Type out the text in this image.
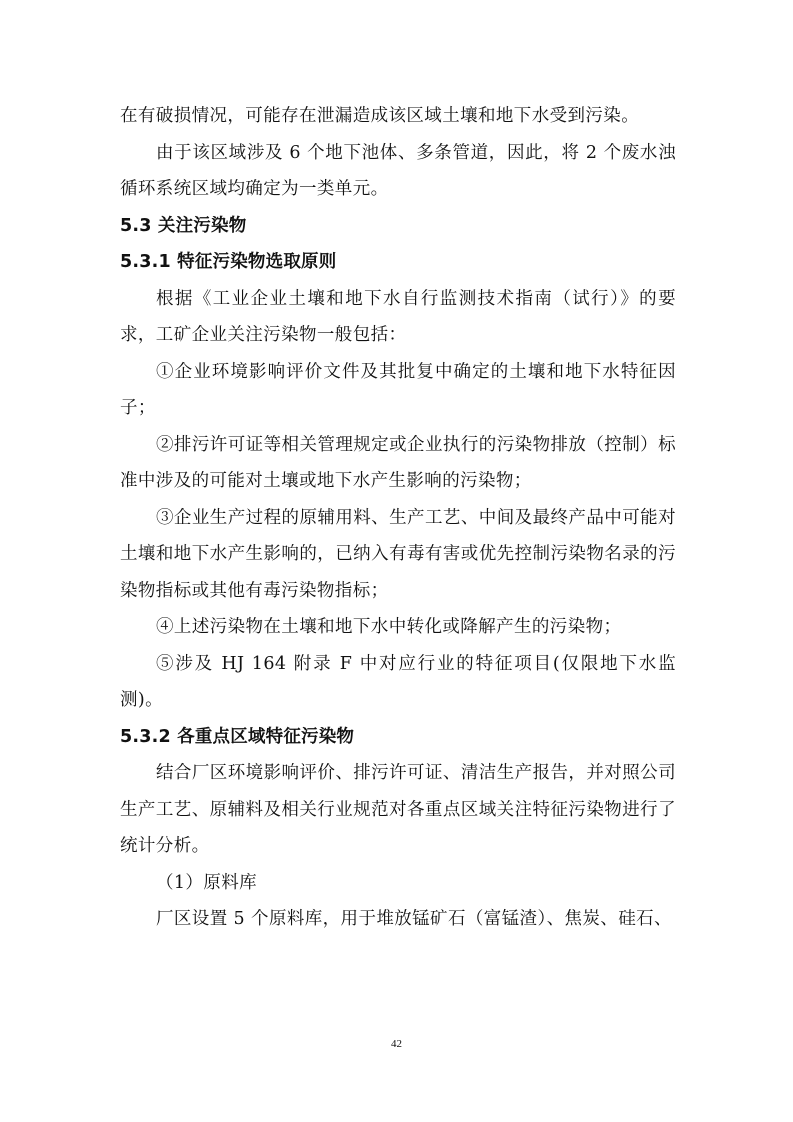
在有破损情况，可能存在泄漏造成该区域土壤和地下水受到污染。

由于该区域涉及 6 个地下池体、多条管道，因此，将 2 个废水浊循环系统区域均确定为一类单元。

5.3 关注污染物
5.3.1 特征污染物选取原则

根据《工业企业土壤和地下水自行监测技术指南（试行）》的要求，工矿企业关注污染物一般包括：

①企业环境影响评价文件及其批复中确定的土壤和地下水特征因子；

②排污许可证等相关管理规定或企业执行的污染物排放（控制）标准中涉及的可能对土壤或地下水产生影响的污染物；

③企业生产过程的原辅用料、生产工艺、中间及最终产品中可能对土壤和地下水产生影响的，已纳入有毒有害或优先控制污染物名录的污染物指标或其他有毒污染物指标；

④上述污染物在土壤和地下水中转化或降解产生的污染物；

⑤涉及 HJ 164 附录 F 中对应行业的特征项目(仅限地下水监测)。

5.3.2 各重点区域特征污染物

结合厂区环境影响评价、排污许可证、清洁生产报告，并对照公司生产工艺、原辅料及相关行业规范对各重点区域关注特征污染物进行了统计分析。

（1）原料库

厂区设置 5 个原料库，用于堆放锰矿石（富锰渣）、焦炭、硅石、

42
